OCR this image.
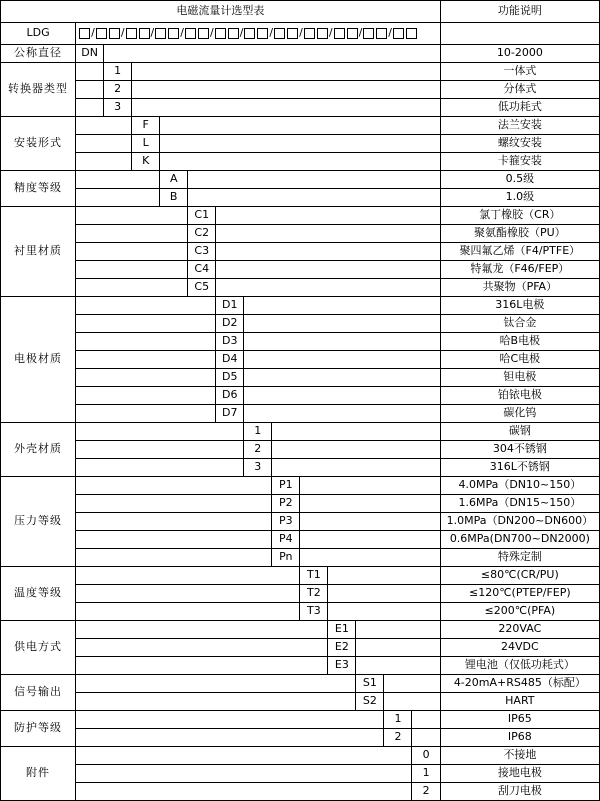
电磁流量计选型表														功能说明
LDG	/ / / / / / / / / / /

公称直径	DN													10-2000
转换器类型		1												一体式
		2												分体式
		3												低功耗式
安装形式			F											法兰安装
			L											螺纹安装
			K											卡箍安装
精度等级				A										0.5级
				B										1.0级
衬里材质					C1									氯丁橡胶（CR）
					C2									聚氨酯橡胶（PU）
					C3									聚四氟乙烯（F4/PTFE）
					C4									特氟龙（F46/FEP）
					C5									共聚物（PFA）
电极材质						D1								316L电极
						D2								钛合金
						D3								哈B电极
						D4								哈C电极
						D5								钽电极
						D6								铂铱电极
						D7								碳化钨
外壳材质							1							碳钢
							2							304不锈钢
							3							316L不锈钢
压力等级								P1						4.0MPa（DN10~150）
								P2						1.6MPa（DN15~150）
								P3						1.0MPa（DN200~DN600）
								P4						0.6MPa(DN700~DN2000)
								Pn						特殊定制
温度等级									T1					≤80℃(CR/PU)
									T2					≤120℃(PTEP/FEP)
									T3					≤200℃(PFA)
供电方式										E1				220VAC
										E2				24VDC
										E3				锂电池（仅低功耗式）
信号输出											S1			4-20mA+RS485（标配）
											S2			HART
防护等级												1		IP65
												2		IP68
附件													0	不接地
													1	接地电极
													2	刮刀电极
